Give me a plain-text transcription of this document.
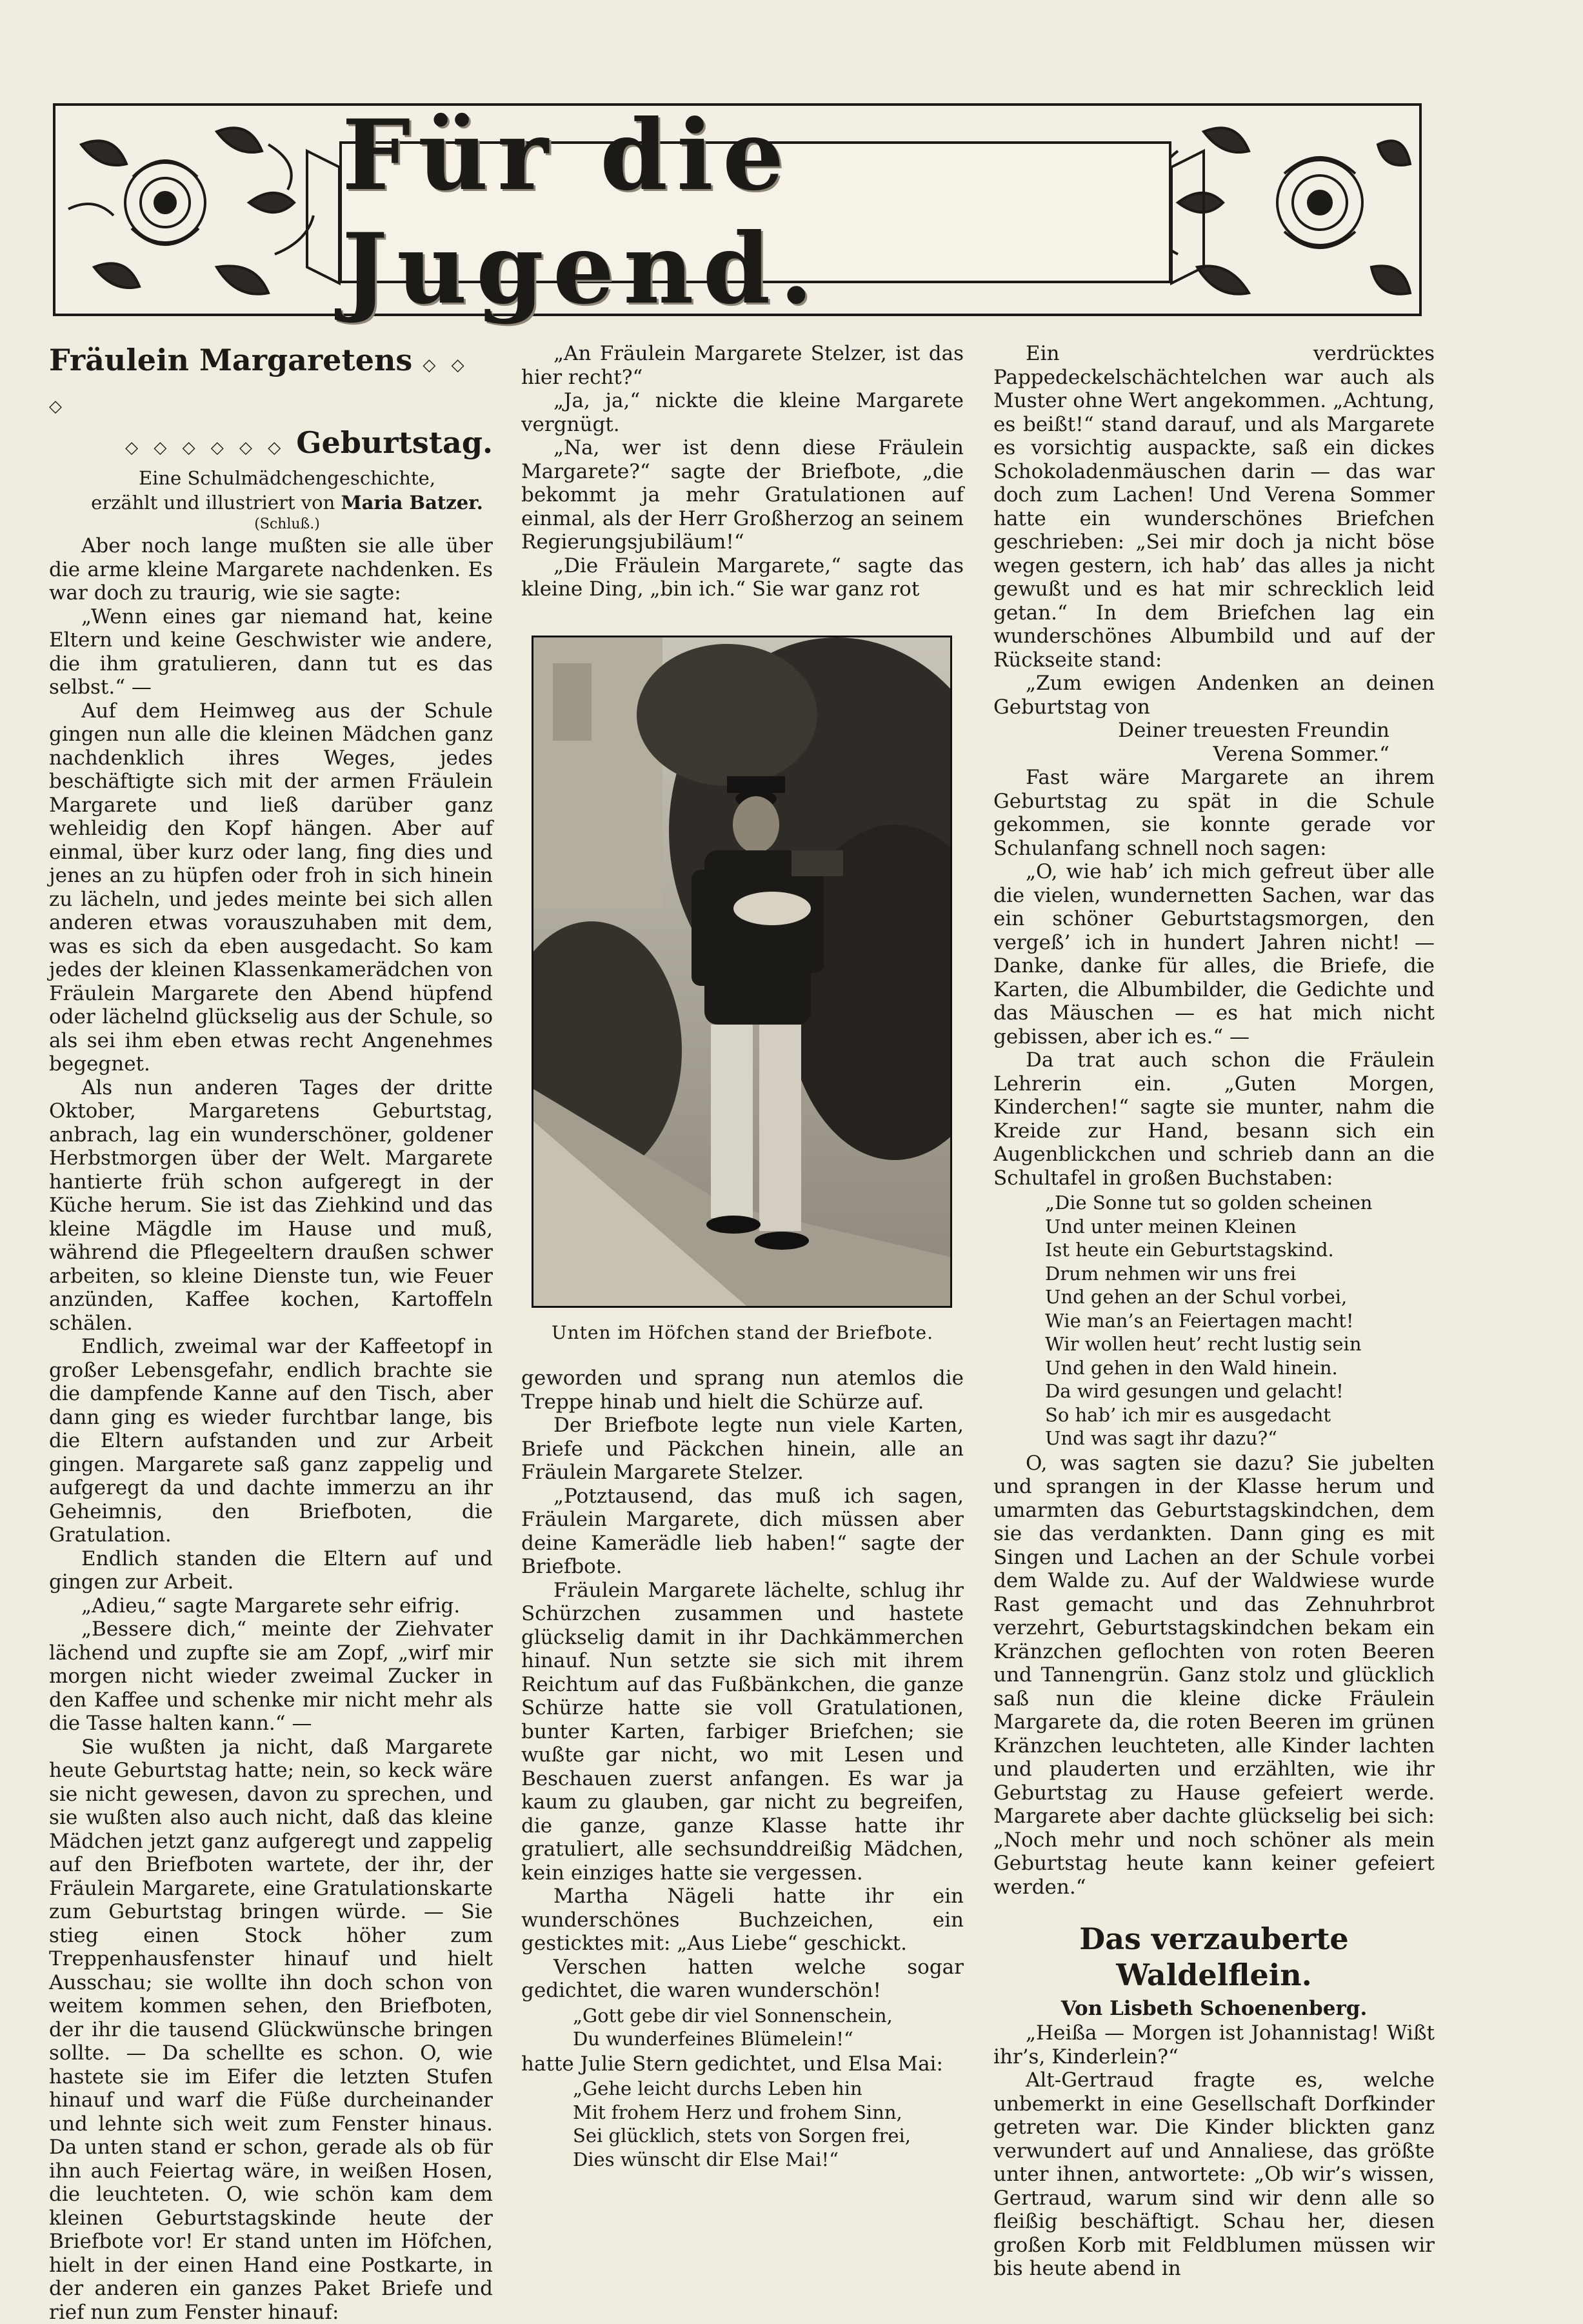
Für die Jugend.
Fräulein Margaretens ◇ ◇ ◇
◇ ◇ ◇ ◇ ◇ ◇ Geburtstag.

Eine Schulmädchengeschichte,

erzählt und illustriert von Maria Batzer.

(Schluß.)

Aber noch lange mußten sie alle über die arme kleine Margarete nachdenken. Es war doch zu traurig, wie sie sagte:

„Wenn eines gar niemand hat, keine Eltern und keine Geschwister wie andere, die ihm gratulieren, dann tut es das selbst.“ —

Auf dem Heimweg aus der Schule gingen nun alle die kleinen Mädchen ganz nachdenklich ihres Weges, jedes beschäftigte sich mit der armen Fräulein Margarete und ließ darüber ganz wehleidig den Kopf hängen. Aber auf einmal, über kurz oder lang, fing dies und jenes an zu hüpfen oder froh in sich hinein zu lächeln, und jedes meinte bei sich allen anderen etwas vorauszuhaben mit dem, was es sich da eben ausgedacht. So kam jedes der kleinen Klassenkamerädchen von Fräulein Margarete den Abend hüpfend oder lächelnd glückselig aus der Schule, so als sei ihm eben etwas recht Angenehmes begegnet.

Als nun anderen Tages der dritte Oktober, Margaretens Geburtstag, anbrach, lag ein wunderschöner, goldener Herbstmorgen über der Welt. Margarete hantierte früh schon aufgeregt in der Küche herum. Sie ist das Ziehkind und das kleine Mägdle im Hause und muß, während die Pflegeeltern draußen schwer arbeiten, so kleine Dienste tun, wie Feuer anzünden, Kaffee kochen, Kartoffeln schälen.

Endlich, zweimal war der Kaffeetopf in großer Lebensgefahr, endlich brachte sie die dampfende Kanne auf den Tisch, aber dann ging es wieder furchtbar lange, bis die Eltern aufstanden und zur Arbeit gingen. Margarete saß ganz zappelig und aufgeregt da und dachte immerzu an ihr Geheimnis, den Briefboten, die Gratulation.

Endlich standen die Eltern auf und gingen zur Arbeit.

„Adieu,“ sagte Margarete sehr eifrig.

„Bessere dich,“ meinte der Ziehvater lächend und zupfte sie am Zopf, „wirf mir morgen nicht wieder zweimal Zucker in den Kaffee und schenke mir nicht mehr als die Tasse halten kann.“ —

Sie wußten ja nicht, daß Margarete heute Geburtstag hatte; nein, so keck wäre sie nicht gewesen, davon zu sprechen, und sie wußten also auch nicht, daß das kleine Mädchen jetzt ganz aufgeregt und zappelig auf den Briefboten wartete, der ihr, der Fräulein Margarete, eine Gratulationskarte zum Geburtstag bringen würde. — Sie stieg einen Stock höher zum Treppenhausfenster hinauf und hielt Ausschau; sie wollte ihn doch schon von weitem kommen sehen, den Briefboten, der ihr die tausend Glückwünsche bringen sollte. — Da schellte es schon. O, wie hastete sie im Eifer die letzten Stufen hinauf und warf die Füße durcheinander und lehnte sich weit zum Fenster hinaus. Da unten stand er schon, gerade als ob für ihn auch Feiertag wäre, in weißen Hosen, die leuchteten. O, wie schön kam dem kleinen Geburtstagskinde heute der Briefbote vor! Er stand unten im Höfchen, hielt in der einen Hand eine Postkarte, in der anderen ein ganzes Paket Briefe und rief nun zum Fenster hinauf:

„An Fräulein Margarete Stelzer, ist das hier recht?“

„Ja, ja,“ nickte die kleine Margarete vergnügt.

„Na, wer ist denn diese Fräulein Margarete?“ sagte der Briefbote, „die bekommt ja mehr Gratulationen auf einmal, als der Herr Großherzog an seinem Regierungsjubiläum!“

„Die Fräulein Margarete,“ sagte das kleine Ding, „bin ich.“ Sie war ganz rot

Unten im Höfchen stand der Briefbote.

geworden und sprang nun atemlos die Treppe hinab und hielt die Schürze auf.

Der Briefbote legte nun viele Karten, Briefe und Päckchen hinein, alle an Fräulein Margarete Stelzer.

„Potztausend, das muß ich sagen, Fräulein Margarete, dich müssen aber deine Kamerädle lieb haben!“ sagte der Briefbote.

Fräulein Margarete lächelte, schlug ihr Schürzchen zusammen und hastete glückselig damit in ihr Dachkämmerchen hinauf. Nun setzte sie sich mit ihrem Reichtum auf das Fußbänkchen, die ganze Schürze hatte sie voll Gratulationen, bunter Karten, farbiger Briefchen; sie wußte gar nicht, wo mit Lesen und Beschauen zuerst anfangen. Es war ja kaum zu glauben, gar nicht zu begreifen, die ganze, ganze Klasse hatte ihr gratuliert, alle sechsunddreißig Mädchen, kein einziges hatte sie vergessen.

Martha Nägeli hatte ihr ein wunderschönes Buchzeichen, ein gesticktes mit: „Aus Liebe“ geschickt.

Verschen hatten welche sogar gedichtet, die waren wunderschön!

„Gott gebe dir viel Sonnenschein,
Du wunderfeines Blümelein!“

hatte Julie Stern gedichtet, und Elsa Mai:

„Gehe leicht durchs Leben hin
Mit frohem Herz und frohem Sinn,
Sei glücklich, stets von Sorgen frei,
Dies wünscht dir Else Mai!“

Ein verdrücktes Pappedeckelschächtelchen war auch als Muster ohne Wert angekommen. „Achtung, es beißt!“ stand darauf, und als Margarete es vorsichtig auspackte, saß ein dickes Schokoladenmäuschen darin — das war doch zum Lachen! Und Verena Sommer hatte ein wunderschönes Briefchen geschrieben: „Sei mir doch ja nicht böse wegen gestern, ich hab’ das alles ja nicht gewußt und es hat mir schrecklich leid getan.“ In dem Briefchen lag ein wunderschönes Albumbild und auf der Rückseite stand:

„Zum ewigen Andenken an deinen Geburtstag von

Deiner treuesten Freundin

Verena Sommer.“

Fast wäre Margarete an ihrem Geburtstag zu spät in die Schule gekommen, sie konnte gerade vor Schulanfang schnell noch sagen:

„O, wie hab’ ich mich gefreut über alle die vielen, wundernetten Sachen, war das ein schöner Geburtstagsmorgen, den vergeß’ ich in hundert Jahren nicht! — Danke, danke für alles, die Briefe, die Karten, die Albumbilder, die Gedichte und das Mäuschen — es hat mich nicht gebissen, aber ich es.“ —

Da trat auch schon die Fräulein Lehrerin ein. „Guten Morgen, Kinderchen!“ sagte sie munter, nahm die Kreide zur Hand, besann sich ein Augenblickchen und schrieb dann an die Schultafel in großen Buchstaben:

„Die Sonne tut so golden scheinen
Und unter meinen Kleinen
Ist heute ein Geburtstagskind.
Drum nehmen wir uns frei
Und gehen an der Schul vorbei,
Wie man’s an Feiertagen macht!
Wir wollen heut’ recht lustig sein
Und gehen in den Wald hinein.
Da wird gesungen und gelacht!
So hab’ ich mir es ausgedacht
Und was sagt ihr dazu?“

O, was sagten sie dazu? Sie jubelten und sprangen in der Klasse herum und umarmten das Geburtstagskindchen, dem sie das verdankten. Dann ging es mit Singen und Lachen an der Schule vorbei dem Walde zu. Auf der Waldwiese wurde Rast gemacht und das Zehnuhrbrot verzehrt, Geburtstagskindchen bekam ein Kränzchen geflochten von roten Beeren und Tannengrün. Ganz stolz und glücklich saß nun die kleine dicke Fräulein Margarete da, die roten Beeren im grünen Kränzchen leuchteten, alle Kinder lachten und plauderten und erzählten, wie ihr Geburtstag zu Hause gefeiert werde. Margarete aber dachte glückselig bei sich: „Noch mehr und noch schöner als mein Geburtstag heute kann keiner gefeiert werden.“

Das verzauberte Waldelflein.
Von Lisbeth Schoenenberg.

„Heißa — Morgen ist Johannistag! Wißt ihr’s, Kinderlein?“

Alt-Gertraud fragte es, welche unbemerkt in eine Gesellschaft Dorfkinder getreten war. Die Kinder blickten ganz verwundert auf und Annaliese, das größte unter ihnen, antwortete: „Ob wir’s wissen, Gertraud, warum sind wir denn alle so fleißig beschäftigt. Schau her, diesen großen Korb mit Feldblumen müssen wir bis heute abend in
